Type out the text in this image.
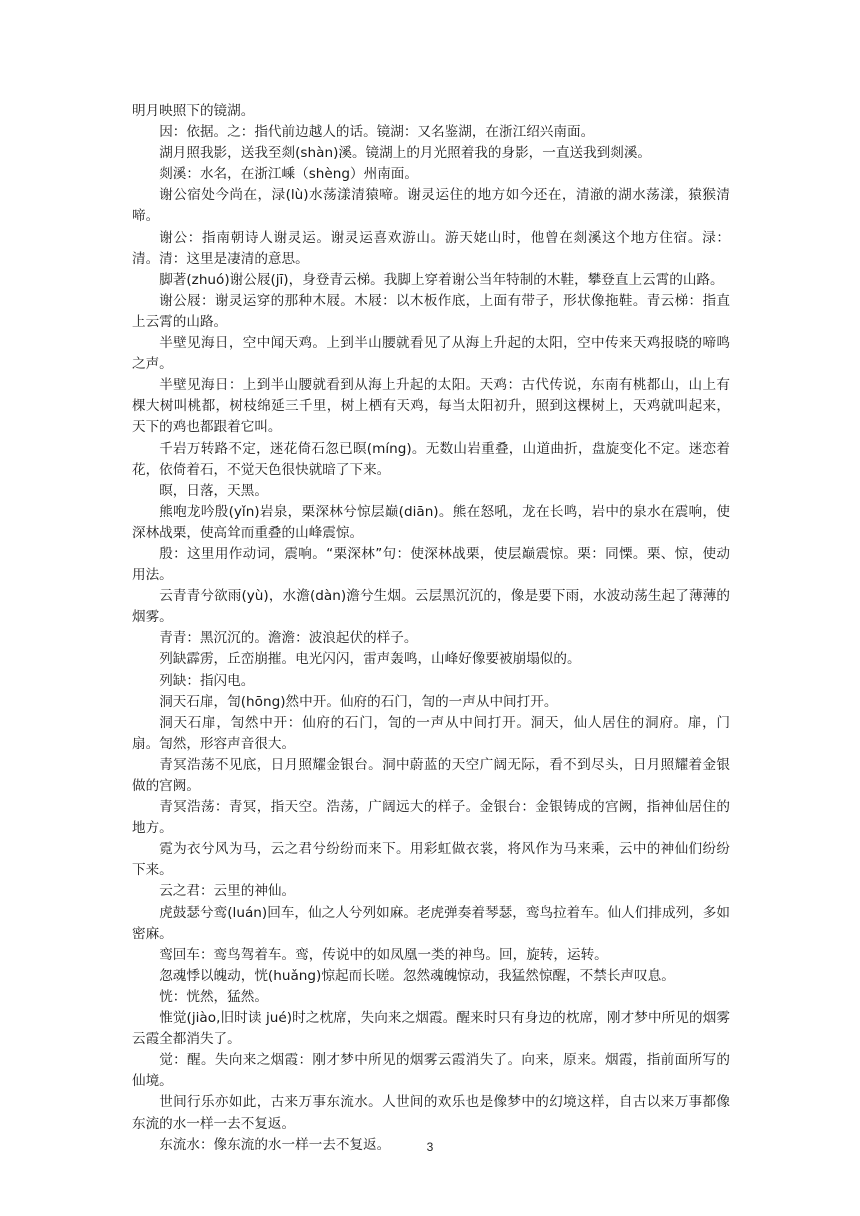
明月映照下的镜湖。

因：依据。之：指代前边越人的话。镜湖：又名鉴湖，在浙江绍兴南面。

湖月照我影，送我至剡(shàn)溪。镜湖上的月光照着我的身影，一直送我到剡溪。

剡溪：水名，在浙江嵊（shèng）州南面。

谢公宿处今尚在，渌(lù)水荡漾清猿啼。谢灵运住的地方如今还在，清澈的湖水荡漾，猿猴清啼。

谢公：指南朝诗人谢灵运。谢灵运喜欢游山。游天姥山时，他曾在剡溪这个地方住宿。渌：清。清：这里是凄清的意思。

脚著(zhuó)谢公屐(jī)，身登青云梯。我脚上穿着谢公当年特制的木鞋，攀登直上云霄的山路。

谢公屐：谢灵运穿的那种木屐。木屐：以木板作底，上面有带子，形状像拖鞋。青云梯：指直上云霄的山路。

半壁见海日，空中闻天鸡。上到半山腰就看见了从海上升起的太阳，空中传来天鸡报晓的啼鸣之声。

半壁见海日：上到半山腰就看到从海上升起的太阳。天鸡：古代传说，东南有桃都山，山上有棵大树叫桃都，树枝绵延三千里，树上栖有天鸡，每当太阳初升，照到这棵树上，天鸡就叫起来，天下的鸡也都跟着它叫。

千岩万转路不定，迷花倚石忽已暝(míng)。无数山岩重叠，山道曲折，盘旋变化不定。迷恋着花，依倚着石，不觉天色很快就暗了下来。

暝，日落，天黑。

熊咆龙吟殷(yǐn)岩泉，栗深林兮惊层巅(diān)。熊在怒吼，龙在长鸣，岩中的泉水在震响，使深林战栗，使高耸而重叠的山峰震惊。

殷：这里用作动词，震响。“栗深林”句：使深林战栗，使层巅震惊。栗：同慄。栗、惊，使动用法。

云青青兮欲雨(yù)，水澹(dàn)澹兮生烟。云层黑沉沉的，像是要下雨，水波动荡生起了薄薄的烟雾。

青青：黑沉沉的。澹澹：波浪起伏的样子。

列缺霹雳，丘峦崩摧。电光闪闪，雷声轰鸣，山峰好像要被崩塌似的。

列缺：指闪电。

洞天石扉，訇(hōng)然中开。仙府的石门，訇的一声从中间打开。

洞天石扉，訇然中开：仙府的石门，訇的一声从中间打开。洞天，仙人居住的洞府。扉，门扇。訇然，形容声音很大。

青冥浩荡不见底，日月照耀金银台。洞中蔚蓝的天空广阔无际，看不到尽头，日月照耀着金银做的宫阙。

青冥浩荡：青冥，指天空。浩荡，广阔远大的样子。金银台：金银铸成的宫阙，指神仙居住的地方。

霓为衣兮风为马，云之君兮纷纷而来下。用彩虹做衣裳，将风作为马来乘，云中的神仙们纷纷下来。

云之君：云里的神仙。

虎鼓瑟兮鸾(luán)回车，仙之人兮列如麻。老虎弹奏着琴瑟，鸾鸟拉着车。仙人们排成列，多如密麻。

鸾回车：鸾鸟驾着车。鸾，传说中的如凤凰一类的神鸟。回，旋转，运转。

忽魂悸以魄动，恍(huǎng)惊起而长嗟。忽然魂魄惊动，我猛然惊醒，不禁长声叹息。

恍：恍然，猛然。

惟觉(jiào,旧时读 jué)时之枕席，失向来之烟霞。醒来时只有身边的枕席，刚才梦中所见的烟雾云霞全都消失了。

觉：醒。失向来之烟霞：刚才梦中所见的烟雾云霞消失了。向来，原来。烟霞，指前面所写的仙境。

世间行乐亦如此，古来万事东流水。人世间的欢乐也是像梦中的幻境这样，自古以来万事都像东流的水一样一去不复返。

东流水：像东流的水一样一去不复返。	3
